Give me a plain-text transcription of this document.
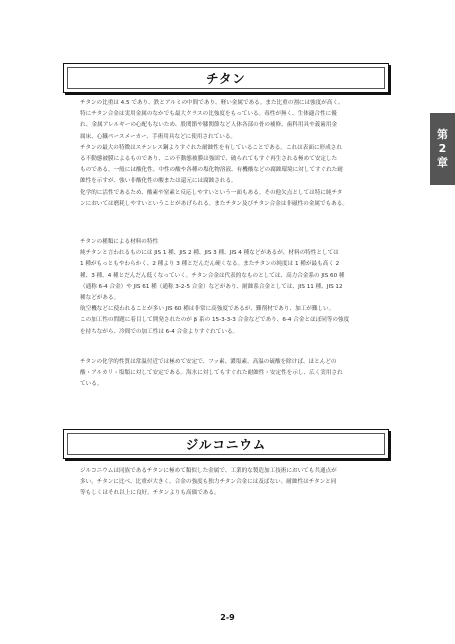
チタン

チタンの比重は 4.5 であり、鉄とアルミの中間であり、軽い金属である。また比重の割には強度が高く、
特にチタン合金は実用金属のなかでも最大クラスの比強度をもっている。毒性が無く、生体適合性に優
れ、金属アレルギーの心配もないため、股関節や膝関節など人体各部の骨の補修、歯科用具や義歯用金
属床、心臓ペースメーカー、手術用具などに使用されている。
チタンの最大の特徴はステンレス鋼よりすぐれた耐蝕性を有していることである。これは表面に形成され
る不動態被膜によるものであり、この不動態被膜は強固で、破られてもすぐ再生される極めて安定した
ものである。一般には酸化性、中性の酸や各種の塩化物溶液、有機酸などの腐蝕環境に対してすぐれた耐
蝕性を示すが、強い非酸化性の酸または還元には腐蝕される。
化学的に活性であるため、酸素や窒素と反応しやすいという一面もある。その他欠点としては特に純チタ
ンにおいては磨耗しやすいということがあげられる。またチタン及びチタン合金は非磁性の金属でもある。

チタンの種類による材料の特性
純チタンと言われるものには JIS 1 種、JIS 2 種、JIS 3 種、JIS 4 種などがあるが、材料の特性としては
1 種がもっともやわらかく、2 種より 3 種とだんだん硬くなる。またチタンの純度は 1 種が最も高く 2
種、3 種、4 種とだんだん低くなっていく。チタン合金は代表的なものとしては、高力合金系の JIS 60 種
（通称 6-4 合金）や JIS 61 種（通称 3-2-5 合金）などがあり、耐蝕系合金としては、JIS 11 種、JIS 12
種などがある。
航空機などに使われることが多い JIS 60 種は非常に高強度であるが、難削材であり、加工が難しい。
この加工性の問題に着目して開発されたのが β 系の 15-3-3-3 合金などであり、6-4 合金とほぼ同等の強度
を持ちながら、冷間での加工性は 6-4 合金よりすぐれている。

チタンの化学的性質は常温付近では極めて安定で、フッ素、濃塩素、高温の硫酸を除けば、ほとんどの
酸・アルカリ・塩類に対して安定である。海水に対してもすぐれた耐蝕性・安定性を示し、広く実用され
ている。

ジルコニウム

ジルコニウムは同族であるチタンに極めて類似した金属で、工業的な製造加工技術においても共通点が
多い。チタンに比べ、比重が大きく、合金の強度も独力チタン合金には及ばない。耐蝕性はチタンと同
等もしくはそれ以上に良好。チタンよりも高価である。

第
2
章
2-9
